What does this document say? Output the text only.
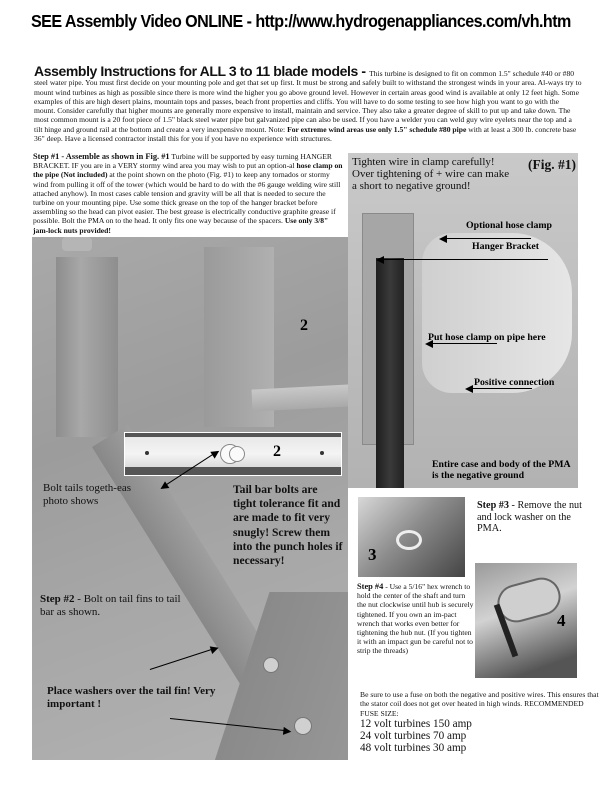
SEE Assembly Video ONLINE - http://www.hydrogenappliances.com/vh.htm
Assembly Instructions for ALL 3 to 11 blade models - This turbine is designed to fit on common 1.5" schedule #40 or #80 steel water pipe. You must first decide on your mounting pole and get that set up first. It must be strong and safely built to withstand the strongest winds in your area. Al-ways try to mount wind turbines as high as possible since there is more wind the higher you go above ground level. However in certain areas good wind is available at only 12 feet high. Some examples of this are high desert plains, mountain tops and passes, beach front properties and cliffs. You will have to do some testing to see how high you want to go with the mount. Consider carefully that higher mounts are generally more expensive to install, maintain and service. They also take a greater degree of skill to put up and take down. The most common mount is a 20 foot piece of 1.5" black steel water pipe but galvanized pipe can also be used. If you have a welder you can weld guy wire eyelets near the top and a tilt hinge and ground rail at the bottom and create a very inexpensive mount. Note: For extreme wind areas use only 1.5" schedule #80 pipe with at least a 300 lb. concrete base 36" deep. Have a licensed contractor install this for you if you have no experience with structures.
Step #1 - Assemble as shown in Fig. #1 Turbine will be supported by easy turning HANGER BRACKET. IF you are in a VERY stormy wind area you may wish to put an option-al hose clamp on the pipe (Not included) at the point shown on the photo (Fig. #1) to keep any tornados or stormy wind from pulling it off of the tower (which would be hard to do with the #6 gauge welding wire still attached anyhow). In most cases cable tension and gravity will be all that is needed to secure the turbine on your mounting pipe. Use some thick grease on the top of the hanger bracket before assembling so the head can pivot easier. The best grease is electrically conductive graphite grease if possible. Bolt the PMA on to the head. It only fits one way because of the spacers. Use only 3/8" jam-lock nuts provided!
2
Bolt tails togeth-eas photo shows
Tail bar bolts are tight tolerance fit and are made to fit very snugly! Screw them into the punch holes if necessary!
Step #2 - Bolt on tail fins to tail bar as shown.
Place washers over the tail fin! Very important !
2
Tighten wire in clamp carefully! Over tightening of + wire can make a short to negative ground!
(Fig. #1)
Optional hose clamp
Hanger Bracket
Put hose clamp on pipe here
Positive connection
Entire case and body of the PMA is the negative ground
3
Step #3 - Remove the nut and lock washer on the PMA.
Step #4 - Use a 5/16" hex wrench to hold the center of the shaft and turn the nut clockwise until hub is securely tightened. If you own an im-pact wrench that works even better for tightening the hub nut. (If you tighten it with an impact gun be careful not to strip the threads)
4
Be sure to use a fuse on both the negative and positive wires. This ensures that the stator coil does not get over heated in high winds. RECOMMENDED FUSE SIZE:
12 volt turbines 150 amp
24 volt turbines 70 amp
48 volt turbines 30 amp
